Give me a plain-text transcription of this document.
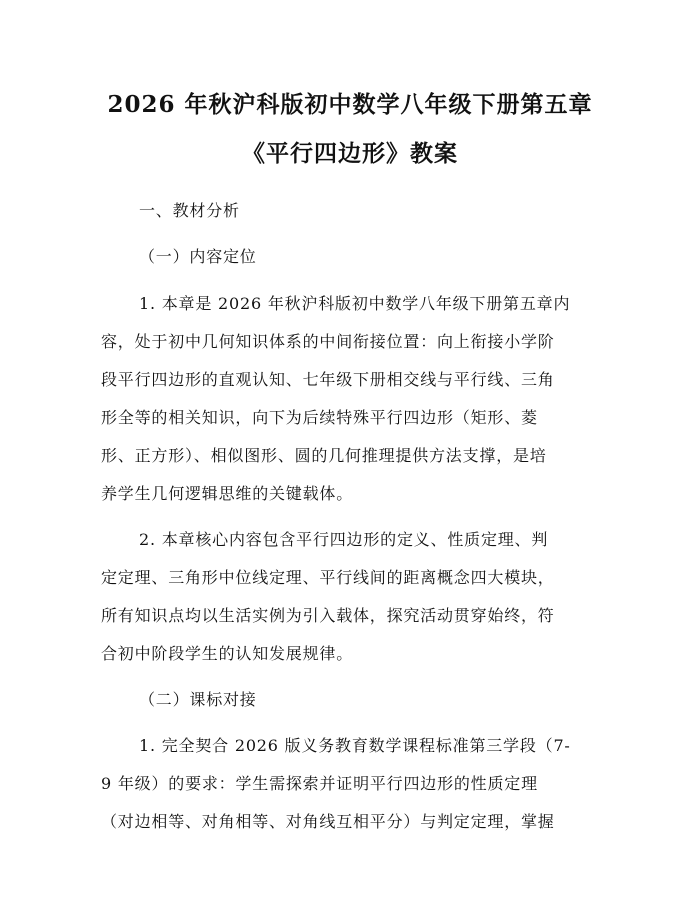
2026 年秋沪科版初中数学八年级下册第五章
《平行四边形》教案
一、教材分析
（一）内容定位
1. 本章是 2026 年秋沪科版初中数学八年级下册第五章内
容，处于初中几何知识体系的中间衔接位置：向上衔接小学阶
段平行四边形的直观认知、七年级下册相交线与平行线、三角
形全等的相关知识，向下为后续特殊平行四边形（矩形、菱
形、正方形）、相似图形、圆的几何推理提供方法支撑，是培
养学生几何逻辑思维的关键载体。
2. 本章核心内容包含平行四边形的定义、性质定理、判
定定理、三角形中位线定理、平行线间的距离概念四大模块，
所有知识点均以生活实例为引入载体，探究活动贯穿始终，符
合初中阶段学生的认知发展规律。
（二）课标对接
1. 完全契合 2026 版义务教育数学课程标准第三学段（7-
9 年级）的要求：学生需探索并证明平行四边形的性质定理
（对边相等、对角相等、对角线互相平分）与判定定理，掌握
